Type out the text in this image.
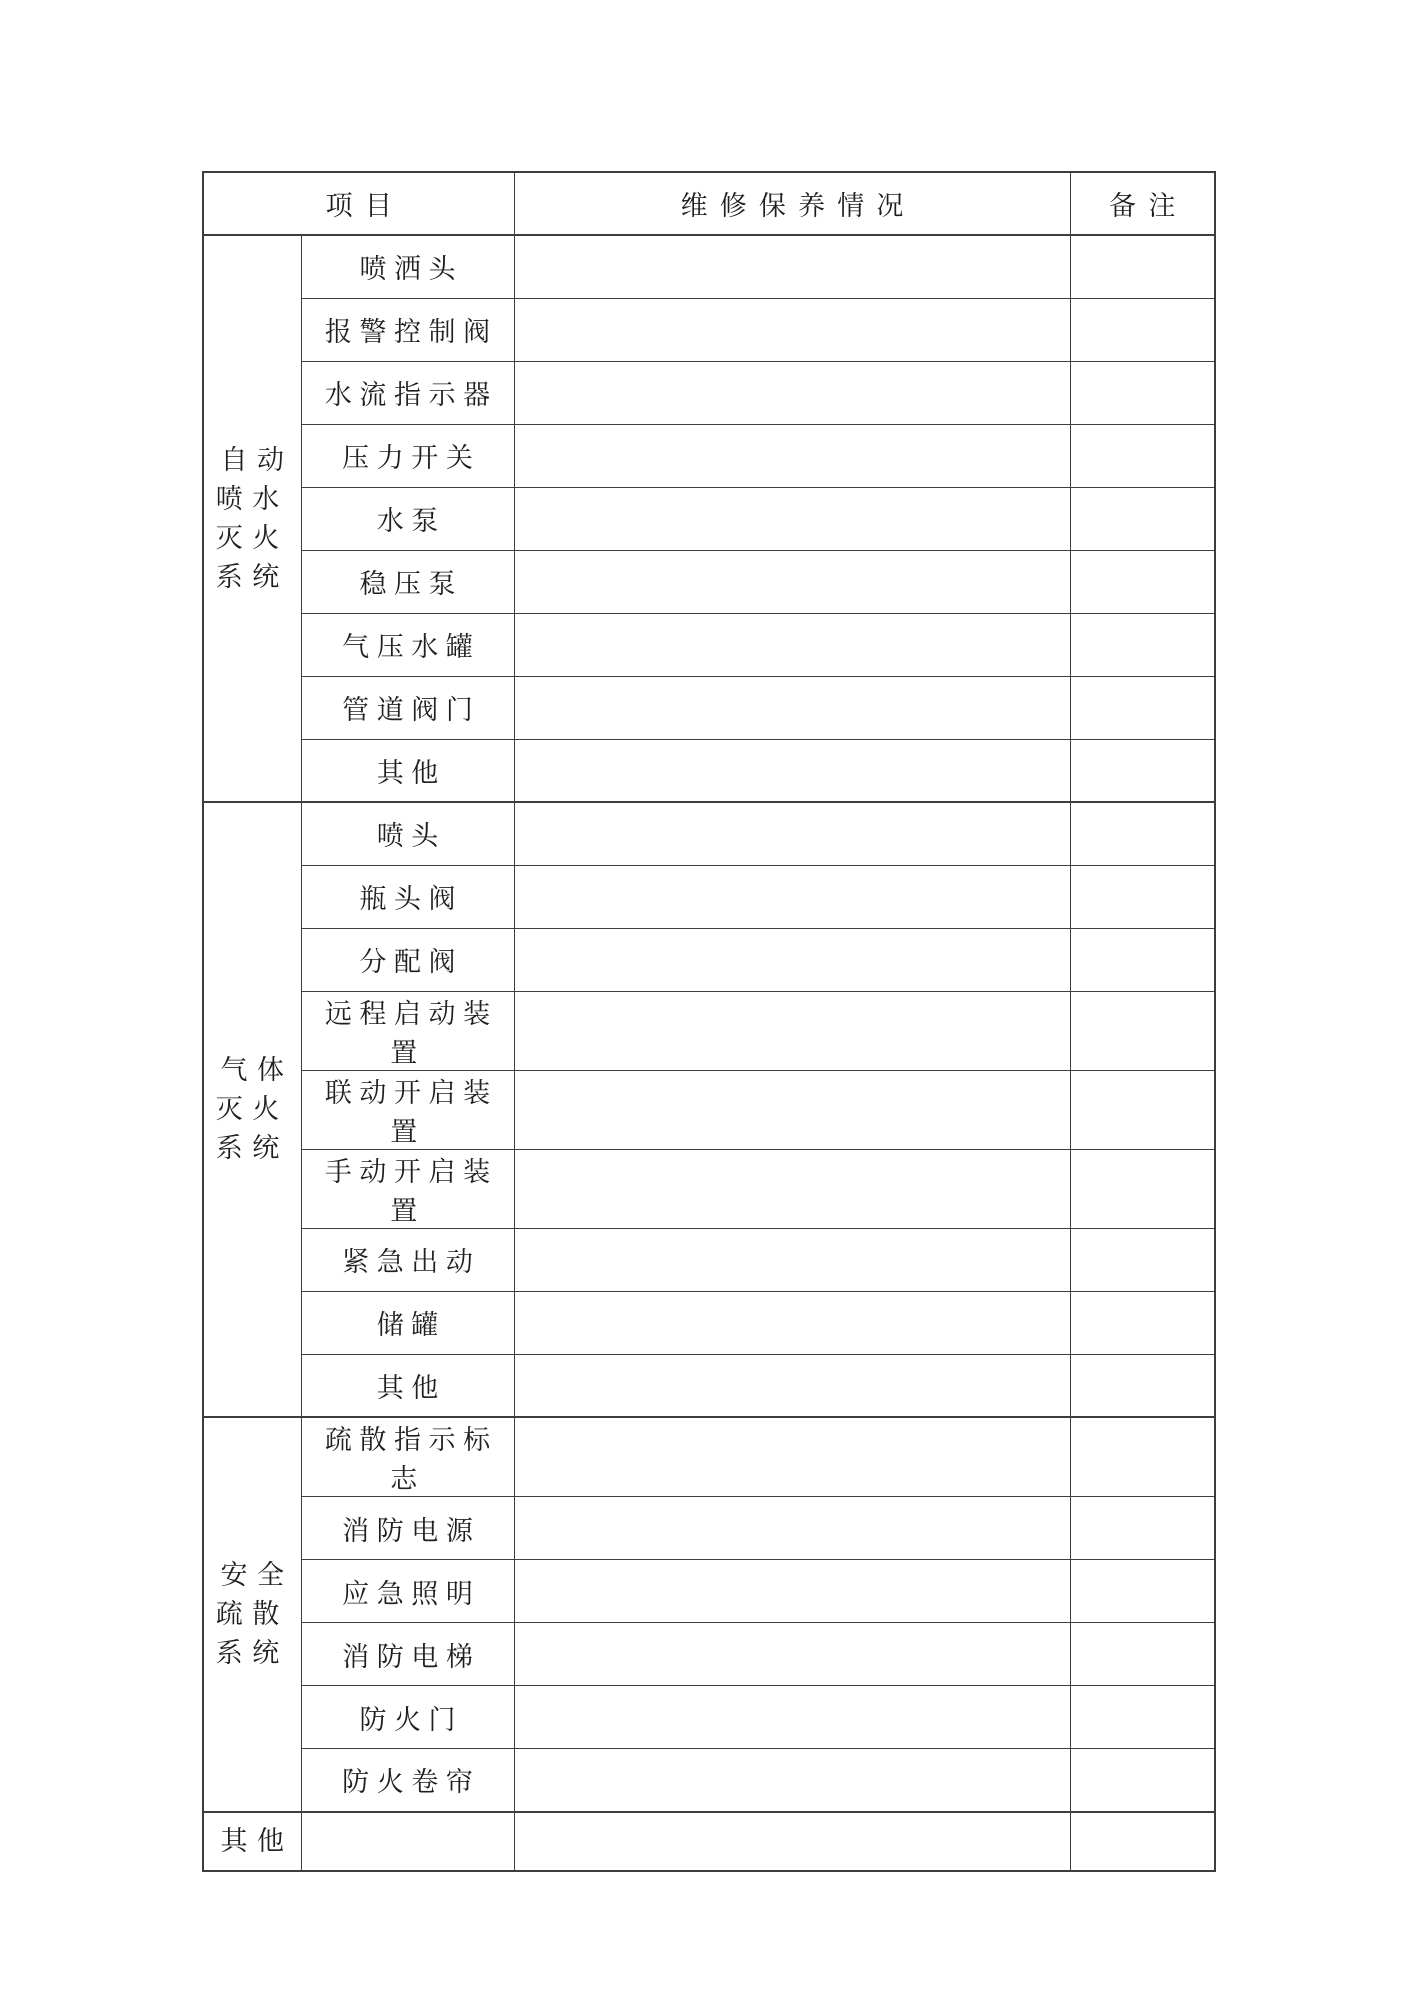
项目		维修保养情况	备注
自动
喷水
灭火
系统	喷洒头		
	报警控制阀		
	水流指示器		
	压力开关		
	水泵		
	稳压泵		
	气压水罐		
	管道阀门		
	其他		
气体
灭火
系统	喷头		
	瓶头阀		
	分配阀		
	远程启动装置		
	联动开启装置		
	手动开启装置		
	紧急出动		
	储罐		
	其他		
安全
疏散
系统	疏散指示标志		
	消防电源		
	应急照明		
	消防电梯		
	防火门		
	防火卷帘		
其他			
